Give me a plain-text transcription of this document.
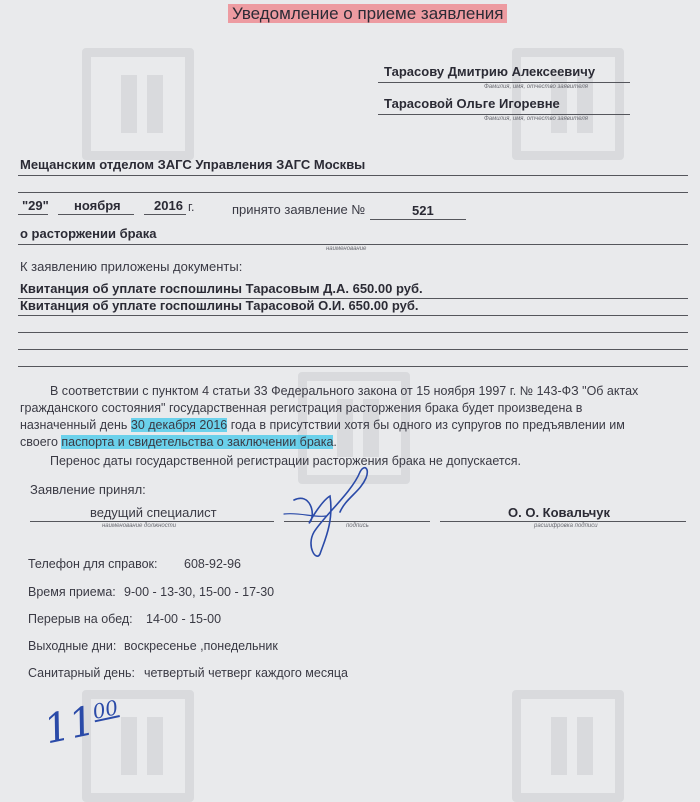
Уведомление о приеме заявления
Тарасову Дмитрию Алексеевичу
Фамилия, имя, отчество заявителя
Тарасовой Ольге Игоревне
Фамилия, имя, отчество заявителя
Мещанским отделом ЗАГС Управления ЗАГС Москвы
"29" ноября	2016 г.	принято заявление №	521
о расторжении брака
наименование
К заявлению приложены документы:
Квитанция об уплате госпошлины Тарасовым Д.А. 650.00 руб.
Квитанция об уплате госпошлины Тарасовой О.И. 650.00 руб.
В соответствии с пунктом 4 статьи 33 Федерального закона от 15 ноября 1997 г. № 143-ФЗ "Об актах
гражданского состояния" государственная регистрация расторжения брака будет произведена в
назначенный день 30 декабря 2016 года в присутствии хотя бы одного из супругов по предъявлении им
своего паспорта и свидетельства о заключении брака.
Перенос даты государственной регистрации расторжения брака не допускается.
Заявление принял:
ведущий специалист
наименование должности	подпись
О. О. Ковальчук
расшифровка подписи
Телефон для справок: 608-92-96
Время приема: 9-00 - 13-30, 15-00 - 17-30
Перерыв на обед: 14-00 - 15-00
Выходные дни: воскресенье ,понедельник
Санитарный день: четвертый четверг каждого месяца
$11^{00}$
